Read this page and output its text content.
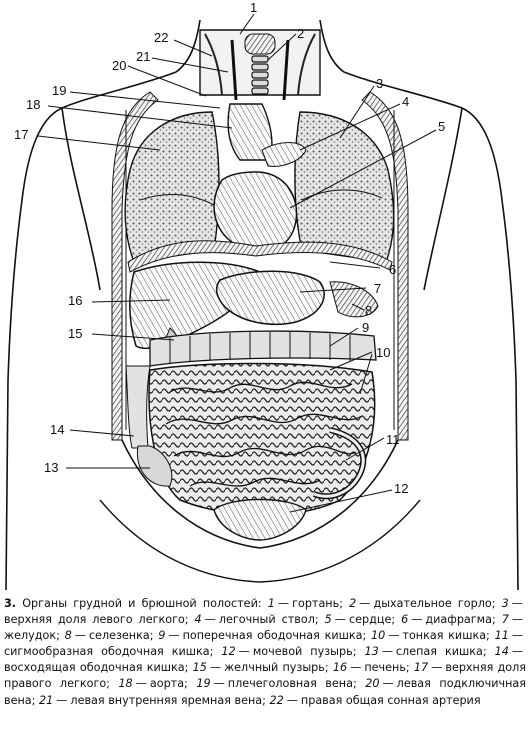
1
2
3
4
5
6
7
8
9
10
11
12
13
14
15
16
17
18
19
20
21
22
3. Органы грудной и брюшной полостей: 1 — гортань; 2 — дыхательное горло; 3 —верхняя доля левого легкого; 4 — легочный ствол; 5 — сердце; 6 — диафрагма; 7 —желудок; 8 — селезенка; 9 — поперечная ободочная кишка; 10 — тонкая кишка; 11 —сигмообразная ободочная кишка; 12 — мочевой пузырь; 13 — слепая кишка; 14 —восходящая ободочная кишка; 15 — желчный пузырь; 16 — печень; 17 — верхняя доля правого легкого; 18 — аорта; 19 — плечеголовная вена; 20 — левая подключичная вена; 21 — левая внутренняя яремная вена; 22 — правая общая сонная артерия
